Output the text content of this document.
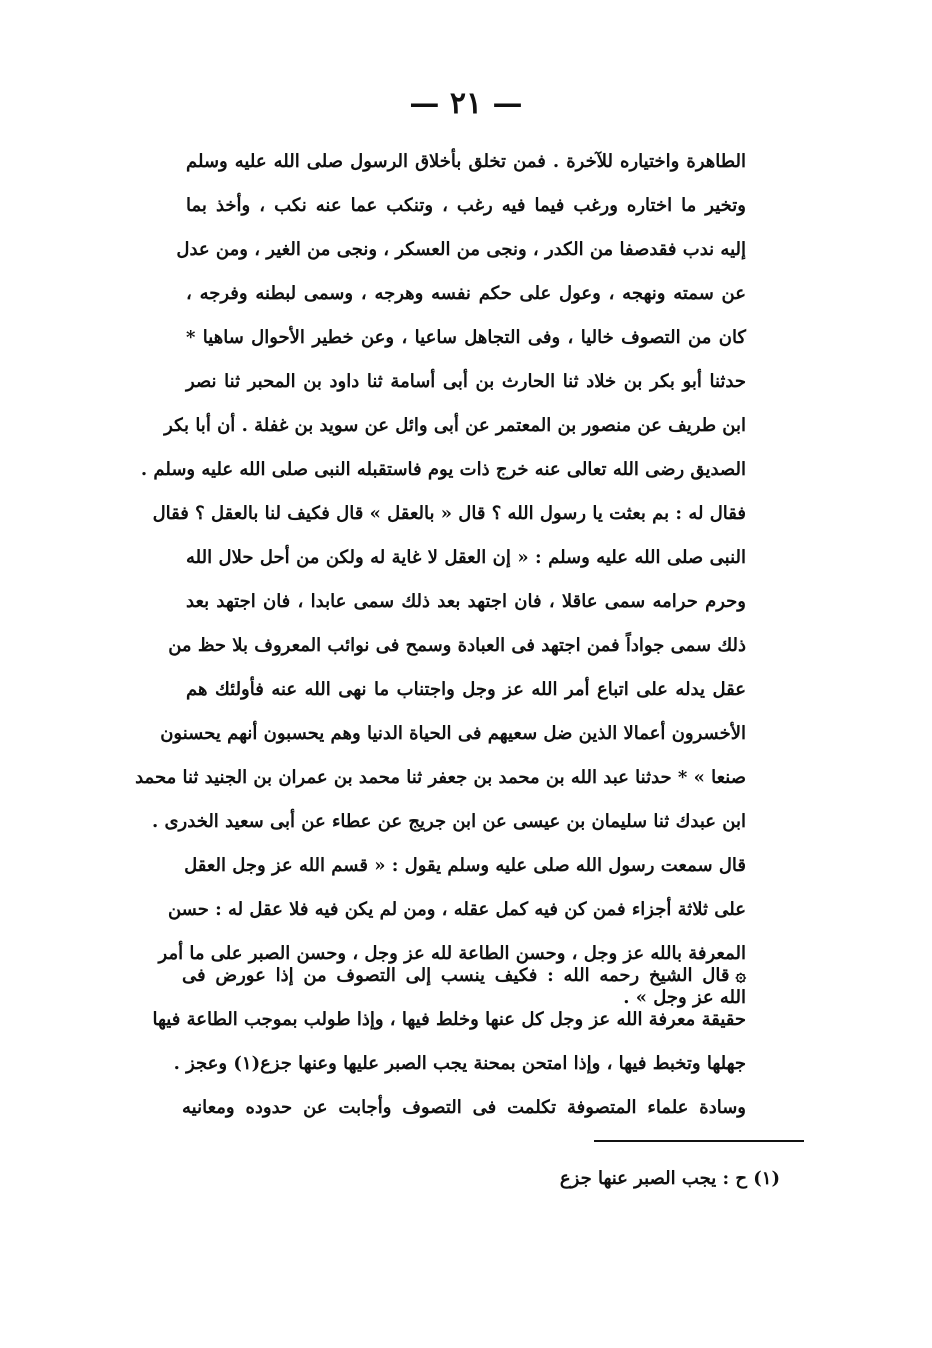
— ٢١ —
الطاهرة واختياره للآخرة . فمن تخلق بأخلاق الرسول صلى الله عليه وسلم
وتخير ما اختاره ورغب فيما فيه رغب ، وتنكب عما عنه نكب ، وأخذ بما
إليه ندب فقدصفا من الكدر ، ونجى من العسكر ، ونجى من الغير ، ومن عدل
عن سمته ونهجه ، وعول على حكم نفسه وهرجه ، وسمى لبطنه وفرجه ،
كان من التصوف خاليا ، وفى التجاهل ساعيا ، وعن خطير الأحوال ساهيا *
حدثنا أبو بكر بن خلاد ثنا الحارث بن أبى أسامة ثنا داود بن المحبر ثنا نصر
ابن طريف عن منصور بن المعتمر عن أبى وائل عن سويد بن غفلة . أن أبا بكر
الصديق رضى الله تعالى عنه خرج ذات يوم فاستقبله النبى صلى الله عليه وسلم .
فقال له : بم بعثت يا رسول الله ؟ قال « بالعقل » قال فكيف لنا بالعقل ؟ فقال
النبى صلى الله عليه وسلم : « إن العقل لا غاية له ولكن من أحل حلال الله
وحرم حرامه سمى عاقلا ، فان اجتهد بعد ذلك سمى عابدا ، فان اجتهد بعد
ذلك سمى جواداً فمن اجتهد فى العبادة وسمح فى نوائب المعروف بلا حظ من
عقل يدله على اتباع أمر الله عز وجل واجتناب ما نهى الله عنه فأولئك هم
الأخسرون أعمالا الذين ضل سعيهم فى الحياة الدنيا وهم يحسبون أنهم يحسنون
صنعا » * حدثنا عبد الله بن محمد بن جعفر ثنا محمد بن عمران بن الجنيد ثنا محمد
ابن عبدك ثنا سليمان بن عيسى عن ابن جريج عن عطاء عن أبى سعيد الخدرى .
قال سمعت رسول الله صلى عليه وسلم يقول : « قسم الله عز وجل العقل
على ثلاثة أجزاء فمن كن فيه كمل عقله ، ومن لم يكن فيه فلا عقل له : حسن
المعرفة بالله عز وجل ، وحسن الطاعة لله عز وجل ، وحسن الصبر على ما أمر
الله عز وجل » .
۞قال الشيخ رحمه الله : فكيف ينسب إلى التصوف من إذا عورض فى
حقيقة معرفة الله عز وجل كل عنها وخلط فيها ، وإذا طولب بموجب الطاعة فيها
جهلها وتخبط فيها ، وإذا امتحن بمحنة يجب الصبر عليها وعنها جزع(١) وعجز .
وسادة علماء المتصوفة تكلمت فى التصوف وأجابت عن حدوده ومعانيه
(١) ح : يجب الصبر عنها جزع
